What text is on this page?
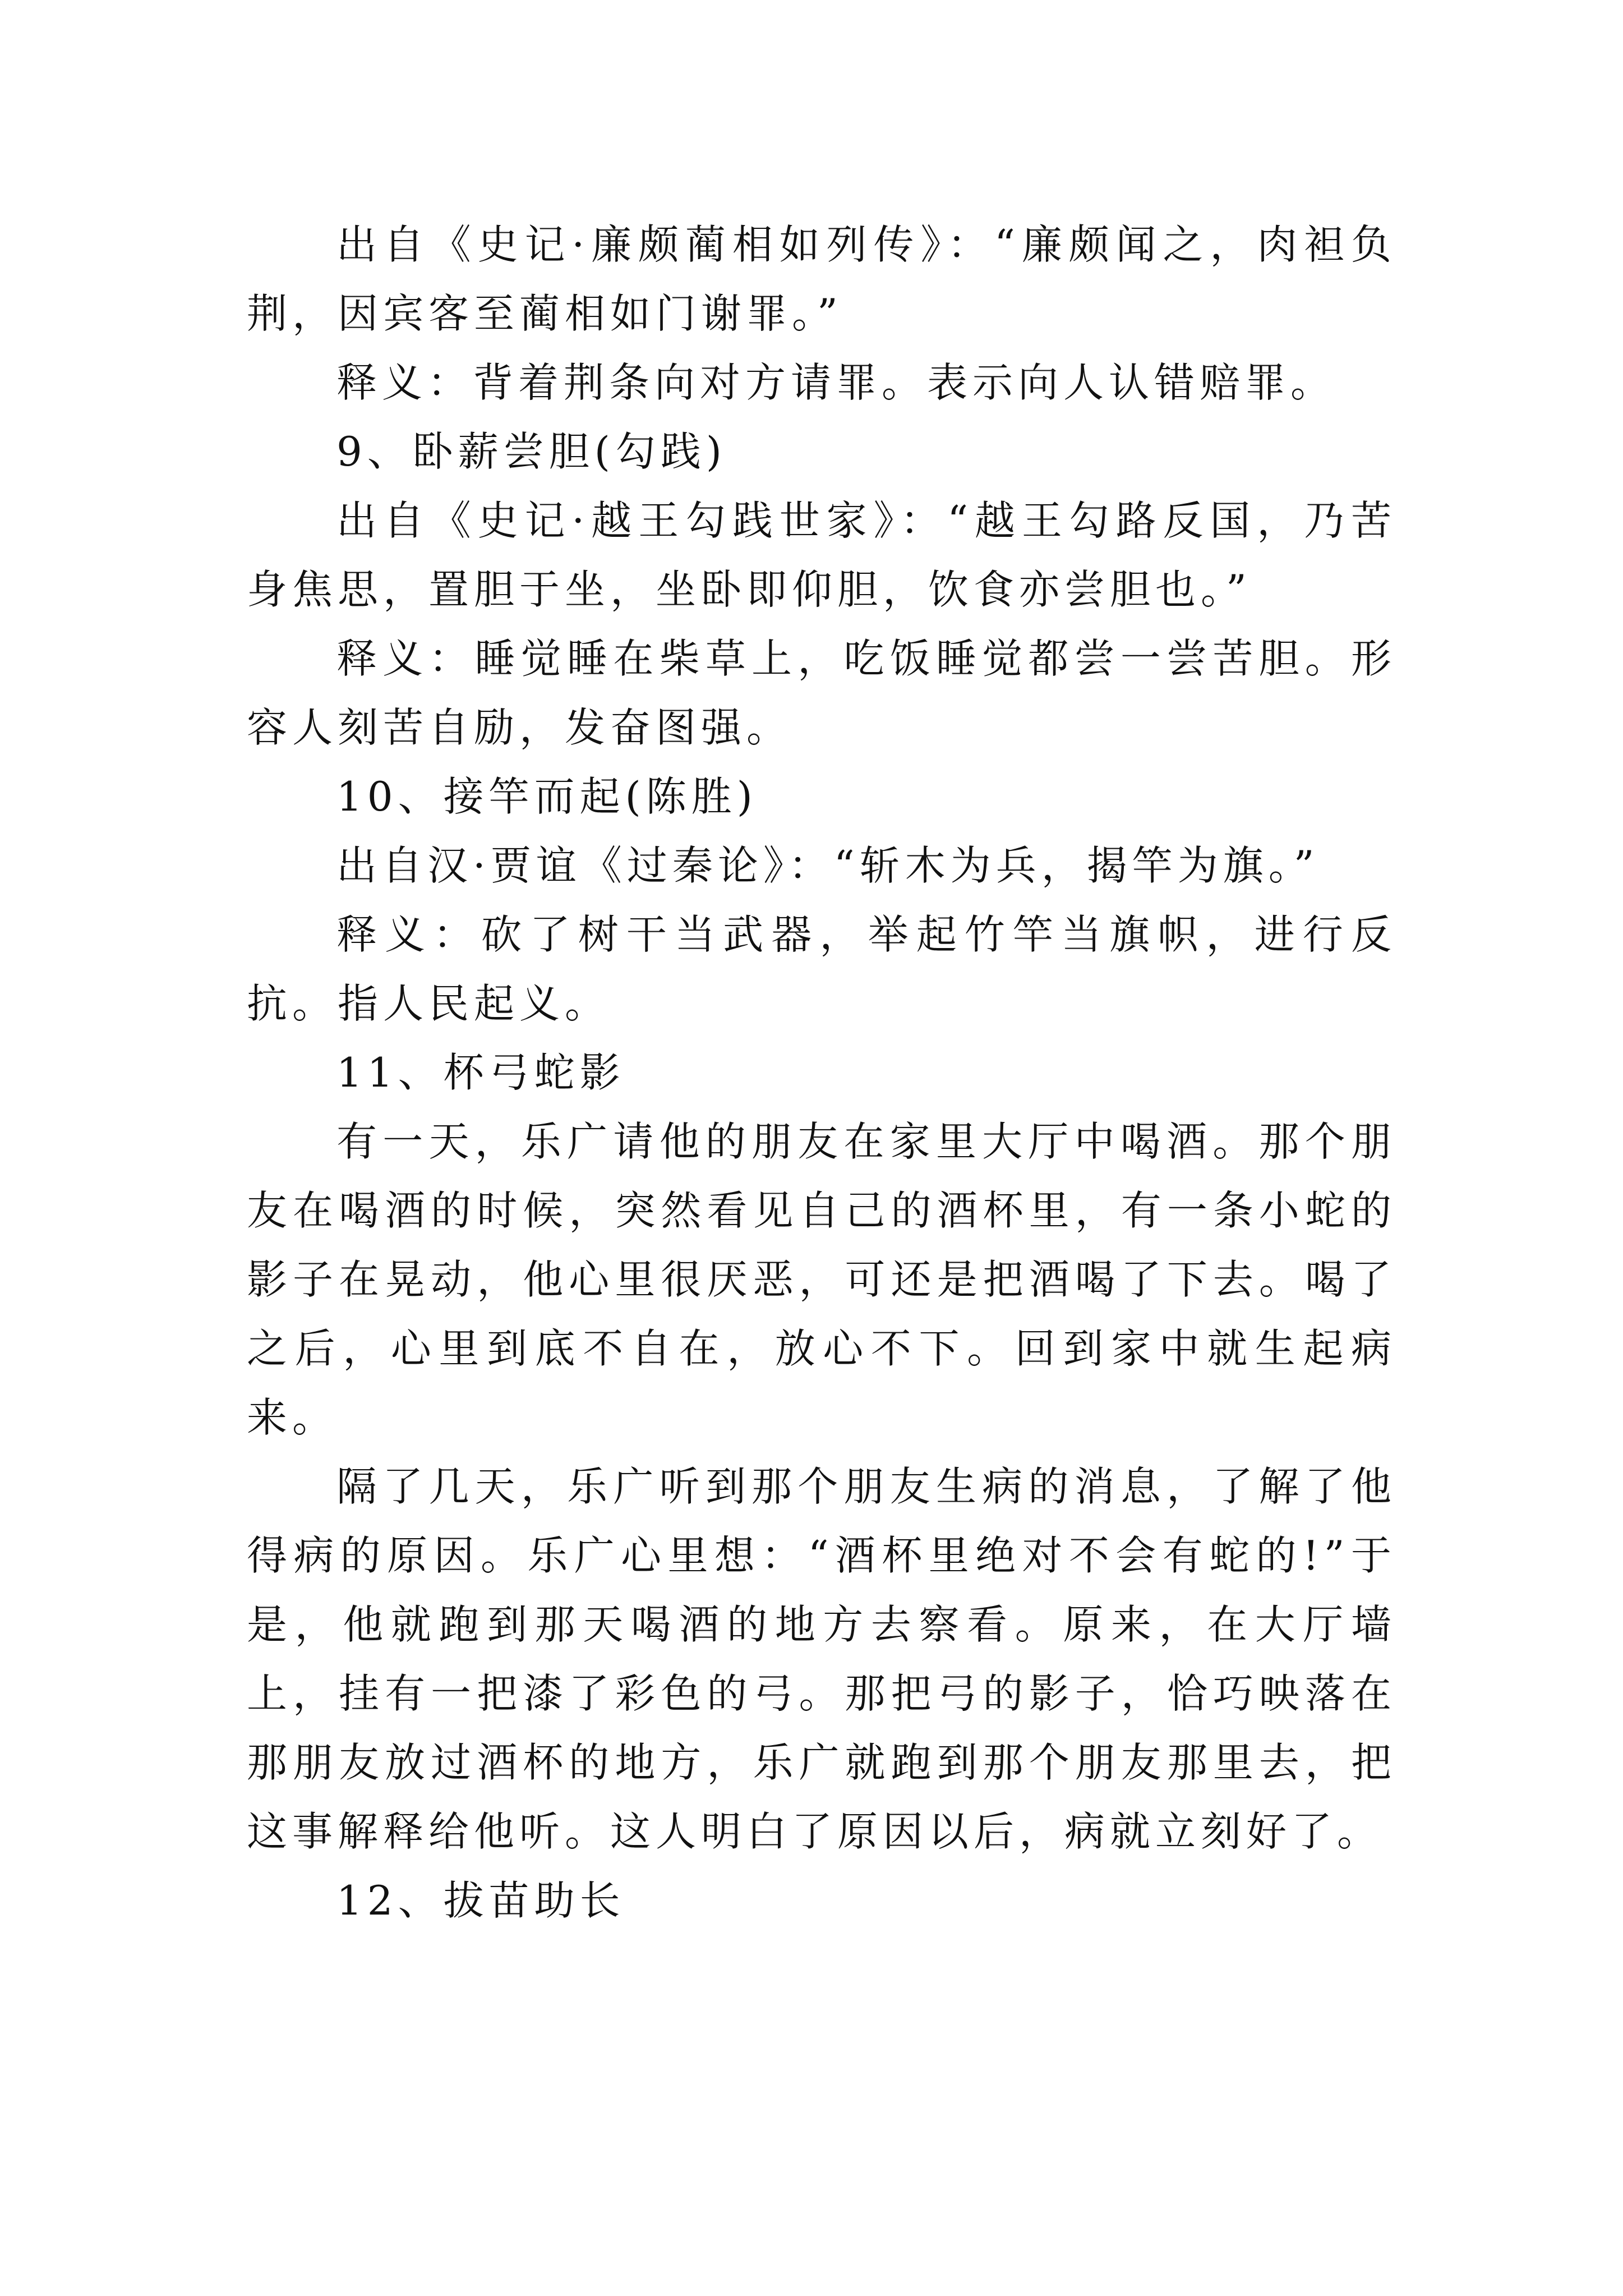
出自《史记·廉颇蔺相如列传》：“廉颇闻之，肉袒负荆，因宾客至蔺相如门谢罪。”

释义：背着荆条向对方请罪。表示向人认错赔罪。

9、卧薪尝胆(勾践)

出自《史记·越王勾践世家》：“越王勾路反国，乃苦身焦思，置胆于坐，坐卧即仰胆，饮食亦尝胆也。”

释义：睡觉睡在柴草上，吃饭睡觉都尝一尝苦胆。形容人刻苦自励，发奋图强。

10、接竿而起(陈胜)

出自汉·贾谊《过秦论》：“斩木为兵，揭竿为旗。”

释义：砍了树干当武器，举起竹竿当旗帜，进行反抗。指人民起义。

11、杯弓蛇影

有一天，乐广请他的朋友在家里大厅中喝酒。那个朋友在喝酒的时候，突然看见自己的酒杯里，有一条小蛇的影子在晃动，他心里很厌恶，可还是把酒喝了下去。喝了之后，心里到底不自在，放心不下。回到家中就生起病来。

隔了几天，乐广听到那个朋友生病的消息，了解了他得病的原因。乐广心里想：“酒杯里绝对不会有蛇的!”于是，他就跑到那天喝酒的地方去察看。原来，在大厅墙上，挂有一把漆了彩色的弓。那把弓的影子，恰巧映落在那朋友放过酒杯的地方，乐广就跑到那个朋友那里去，把这事解释给他听。这人明白了原因以后，病就立刻好了。

12、拔苗助长
